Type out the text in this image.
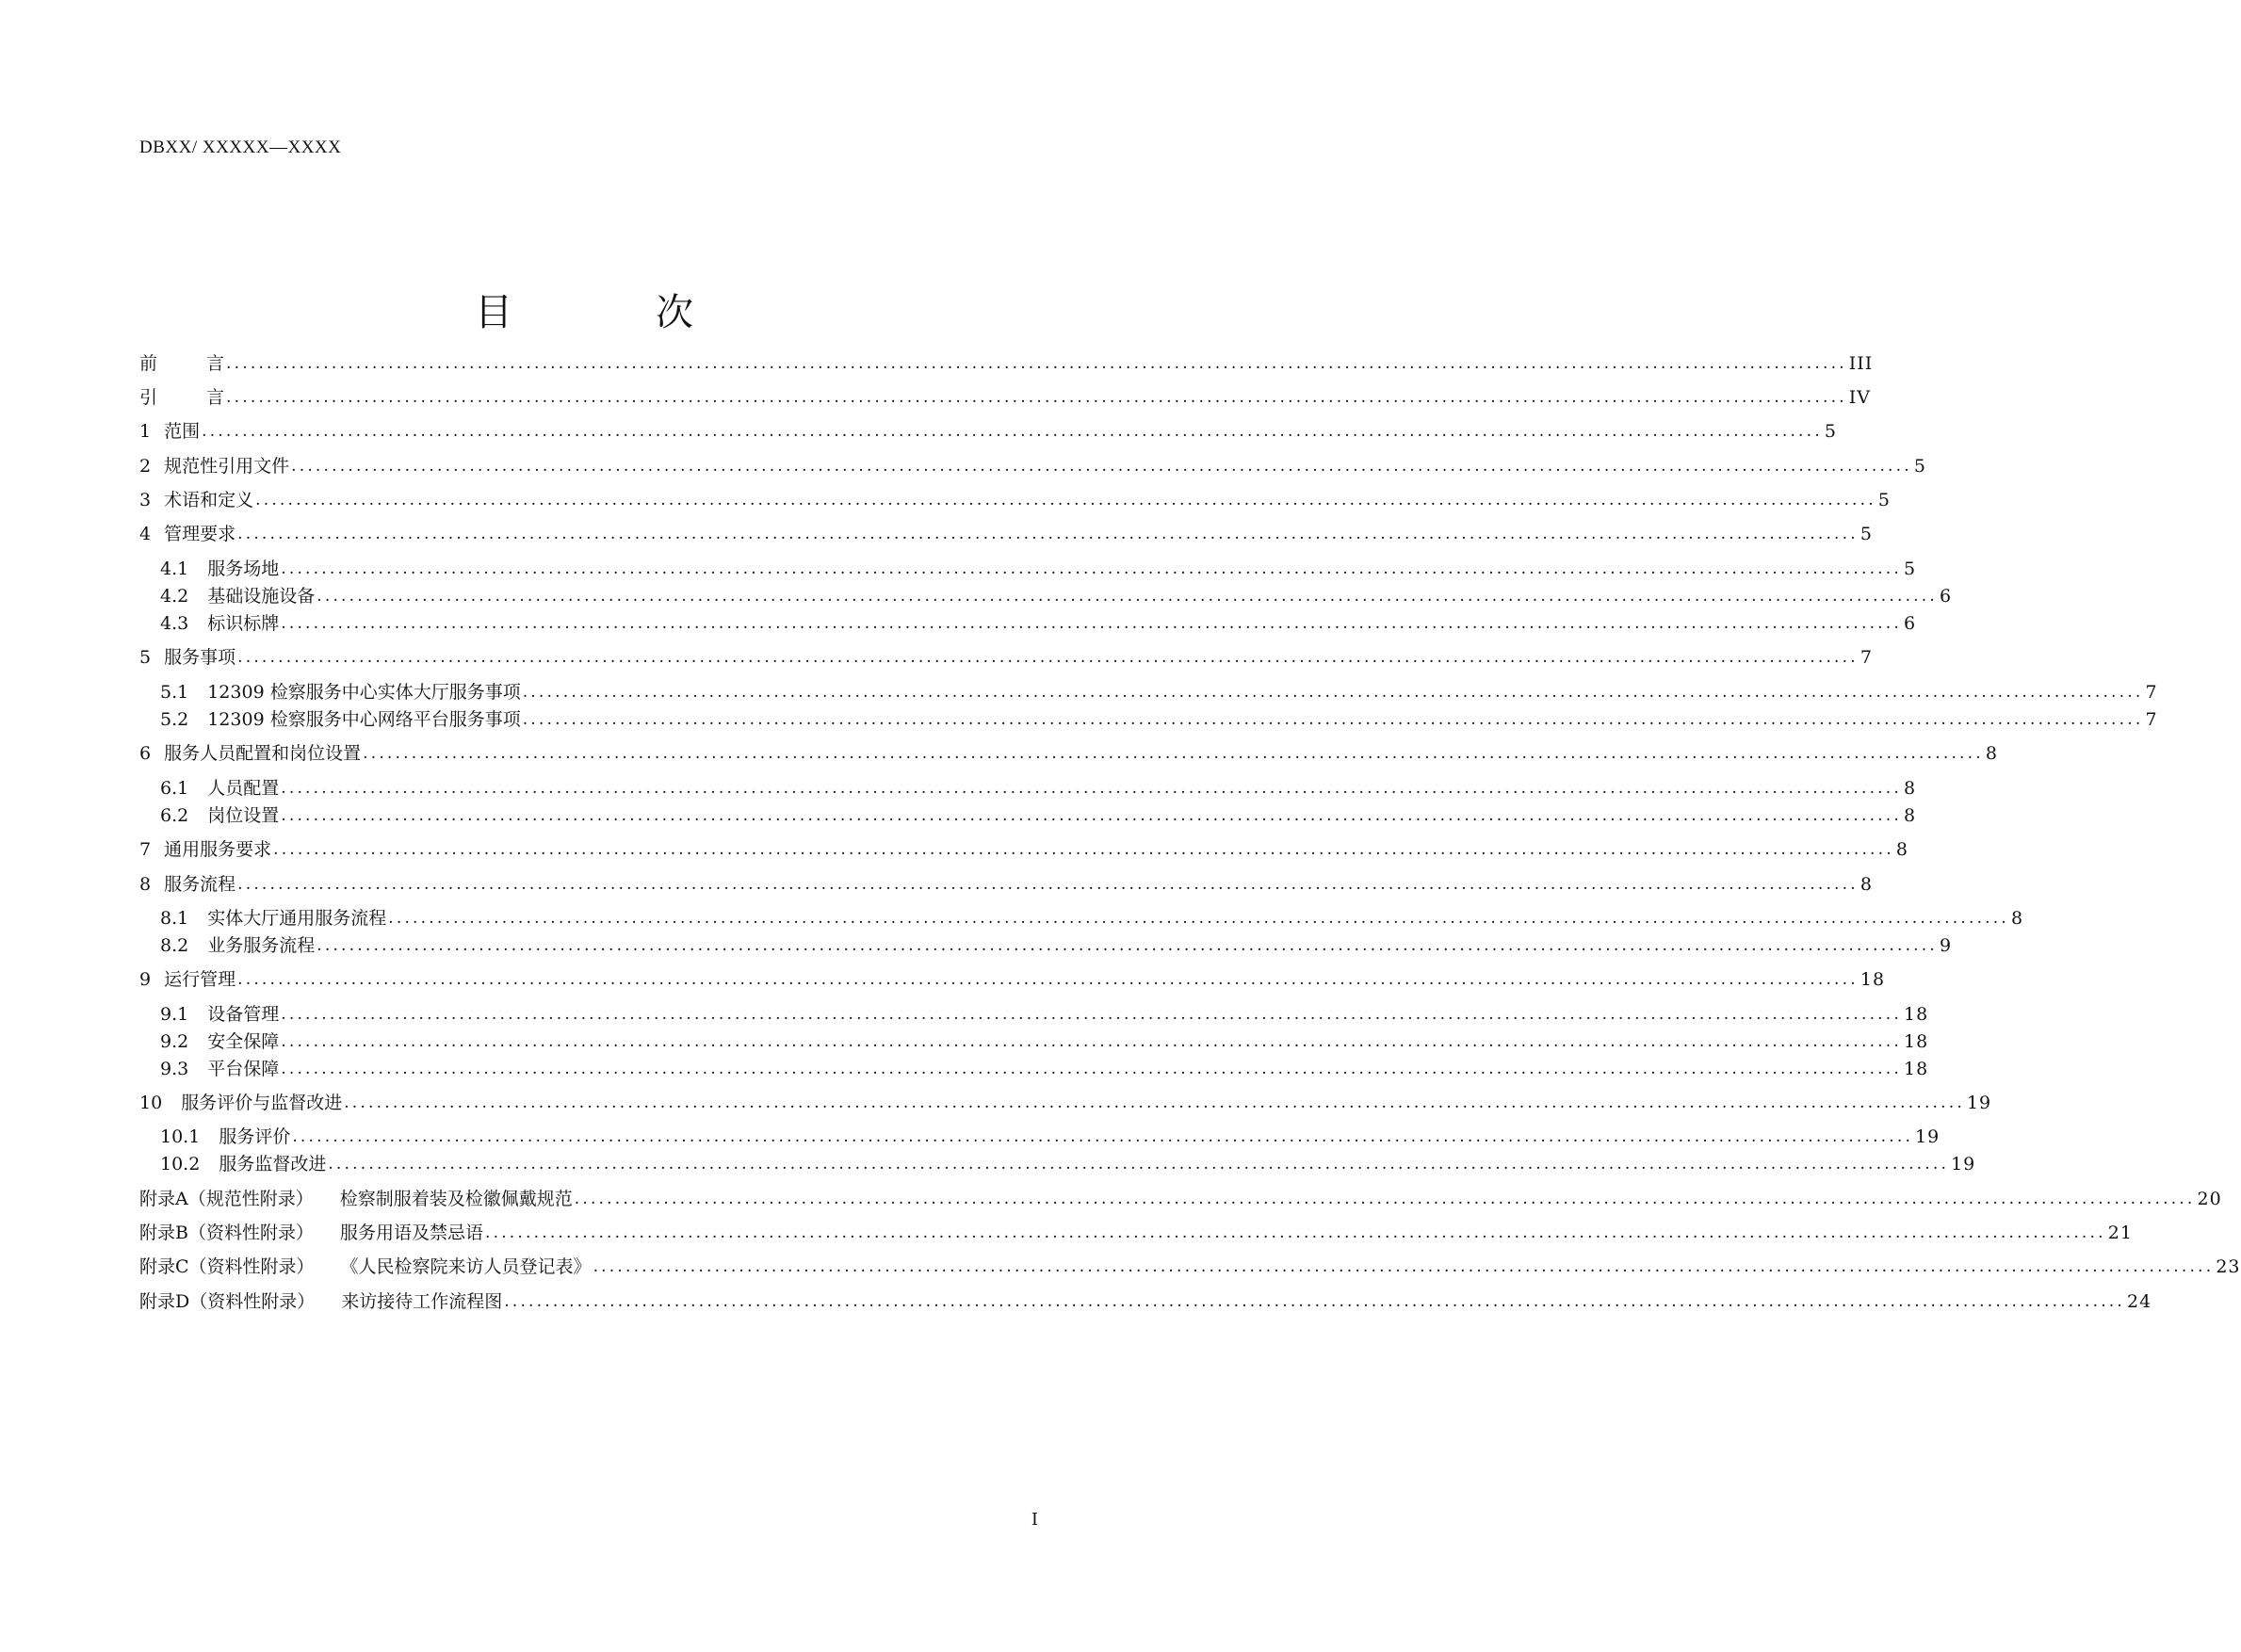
DBXX/ XXXXX—XXXX
目　次
前 　　言 ........................................................................................................................................................................................................ III
引 　　言 ........................................................................................................................................................................................................ IV
1 范围 ........................................................................................................................................................................................................ 5
2 规范性引用文件 ........................................................................................................................................................................................................ 5
3 术语和定义 ........................................................................................................................................................................................................ 5
4 管理要求 ........................................................................................................................................................................................................ 5
4.1 服务场地 ........................................................................................................................................................................................................ 5
4.2 基础设施设备 ........................................................................................................................................................................................................ 6
4.3 标识标牌 ........................................................................................................................................................................................................ 6
5 服务事项 ........................................................................................................................................................................................................ 7
5.1 12309 检察服务中心实体大厅服务事项 ........................................................................................................................................................................................................ 7
5.2 12309 检察服务中心网络平台服务事项 ........................................................................................................................................................................................................ 7
6 服务人员配置和岗位设置 ........................................................................................................................................................................................................ 8
6.1 人员配置 ........................................................................................................................................................................................................ 8
6.2 岗位设置 ........................................................................................................................................................................................................ 8
7 通用服务要求 ........................................................................................................................................................................................................ 8
8 服务流程 ........................................................................................................................................................................................................ 8
8.1 实体大厅通用服务流程 ........................................................................................................................................................................................................ 8
8.2 业务服务流程 ........................................................................................................................................................................................................ 9
9 运行管理 ........................................................................................................................................................................................................ 18
9.1 设备管理 ........................................................................................................................................................................................................ 18
9.2 安全保障 ........................................................................................................................................................................................................ 18
9.3 平台保障 ........................................................................................................................................................................................................ 18
10 服务评价与监督改进 ........................................................................................................................................................................................................ 19
10.1 服务评价 ........................................................................................................................................................................................................ 19
10.2 服务监督改进 ........................................................................................................................................................................................................ 19
附录A（规范性附录） 检察制服着装及检徽佩戴规范 ........................................................................................................................................................................................................ 20
附录B（资料性附录） 服务用语及禁忌语 ........................................................................................................................................................................................................ 21
附录C（资料性附录） 《人民检察院来访人员登记表》 ........................................................................................................................................................................................................ 23
附录D（资料性附录） 来访接待工作流程图 ........................................................................................................................................................................................................ 24
I
